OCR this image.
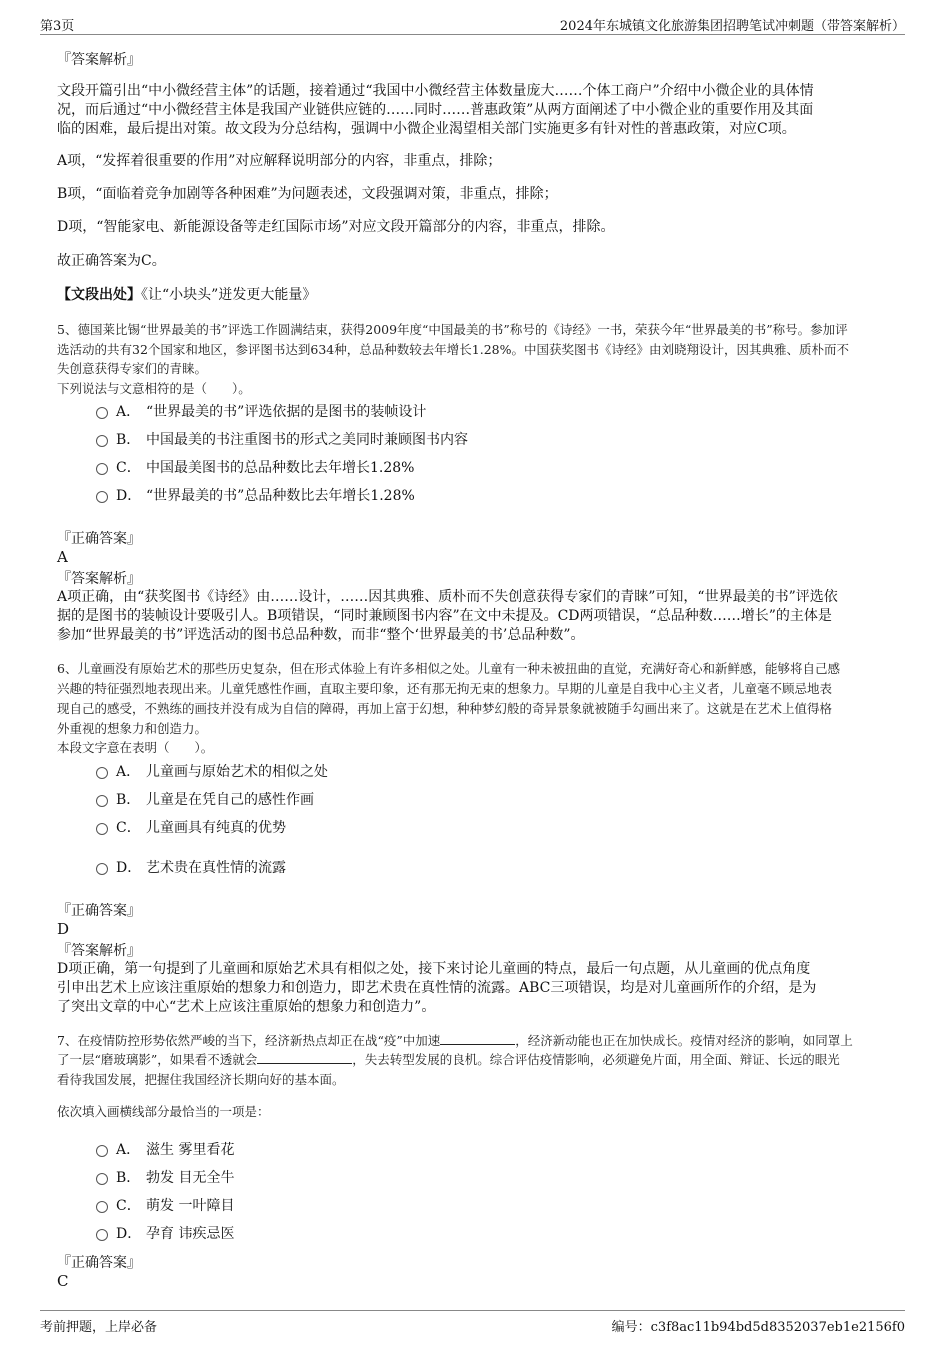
第3页	2024年东城镇文化旅游集团招聘笔试冲刺题（带答案解析）
『答案解析』
文段开篇引出“中小微经营主体”的话题，接着通过“我国中小微经营主体数量庞大……个体工商户”介绍中小微企业的具体情
况，而后通过“中小微经营主体是我国产业链供应链的……同时……普惠政策”从两方面阐述了中小微企业的重要作用及其面
临的困难，最后提出对策。故文段为分总结构，强调中小微企业渴望相关部门实施更多有针对性的普惠政策，对应C项。
A项，“发挥着很重要的作用”对应解释说明部分的内容，非重点，排除；
B项，“面临着竞争加剧等各种困难”为问题表述，文段强调对策，非重点，排除；
D项，“智能家电、新能源设备等走红国际市场”对应文段开篇部分的内容，非重点，排除。
故正确答案为C。
【文段出处】《让“小块头”迸发更大能量》
5、德国莱比锡“世界最美的书”评选工作圆满结束，获得2009年度“中国最美的书”称号的《诗经》一书，荣获今年“世界最美的书”称号。参加评
选活动的共有32个国家和地区，参评图书达到634种，总品种数较去年增长1.28%。中国获奖图书《诗经》由刘晓翔设计，因其典雅、质朴而不
失创意获得专家们的青睐。
下列说法与文意相符的是（　　）。
A． “世界最美的书”评选依据的是图书的装帧设计
B． 中国最美的书注重图书的形式之美同时兼顾图书内容
C． 中国最美图书的总品种数比去年增长1.28%
D． “世界最美的书”总品种数比去年增长1.28%
『正确答案』
A
『答案解析』
A项正确，由“获奖图书《诗经》由……设计，……因其典雅、质朴而不失创意获得专家们的青睐”可知，“世界最美的书”评选依
据的是图书的装帧设计要吸引人。B项错误，“同时兼顾图书内容”在文中未提及。CD两项错误，“总品种数……增长”的主体是
参加“世界最美的书”评选活动的图书总品种数，而非“整个‘世界最美的书’总品种数”。
6、儿童画没有原始艺术的那些历史复杂，但在形式体验上有许多相似之处。儿童有一种未被扭曲的直觉，充满好奇心和新鲜感，能够将自己感
兴趣的特征强烈地表现出来。儿童凭感性作画，直取主要印象，还有那无拘无束的想象力。早期的儿童是自我中心主义者，儿童毫不顾忌地表
现自己的感受，不熟练的画技并没有成为自信的障碍，再加上富于幻想，种种梦幻般的奇异景象就被随手勾画出来了。这就是在艺术上值得格
外重视的想象力和创造力。
本段文字意在表明（　　）。
A． 儿童画与原始艺术的相似之处
B． 儿童是在凭自己的感性作画
C． 儿童画具有纯真的优势
D． 艺术贵在真性情的流露
『正确答案』
D
『答案解析』
D项正确，第一句提到了儿童画和原始艺术具有相似之处，接下来讨论儿童画的特点，最后一句点题，从儿童画的优点角度
引申出艺术上应该注重原始的想象力和创造力，即艺术贵在真性情的流露。ABC三项错误，均是对儿童画所作的介绍，是为
了突出文章的中心“艺术上应该注重原始的想象力和创造力”。
7、在疫情防控形势依然严峻的当下，经济新热点却正在战“疫”中加速	，经济新动能也正在加快成长。疫情对经济的影响，如同罩上
了一层“磨玻璃影”，如果看不透就会	，失去转型发展的良机。综合评估疫情影响，必须避免片面，用全面、辩证、长远的眼光
看待我国发展，把握住我国经济长期向好的基本面。
依次填入画横线部分最恰当的一项是：
A． 滋生 雾里看花
B． 勃发 目无全牛
C． 萌发 一叶障目
D． 孕育 讳疾忌医
『正确答案』
C
考前押题，上岸必备	编号：c3f8ac11b94bd5d8352037eb1e2156f0
